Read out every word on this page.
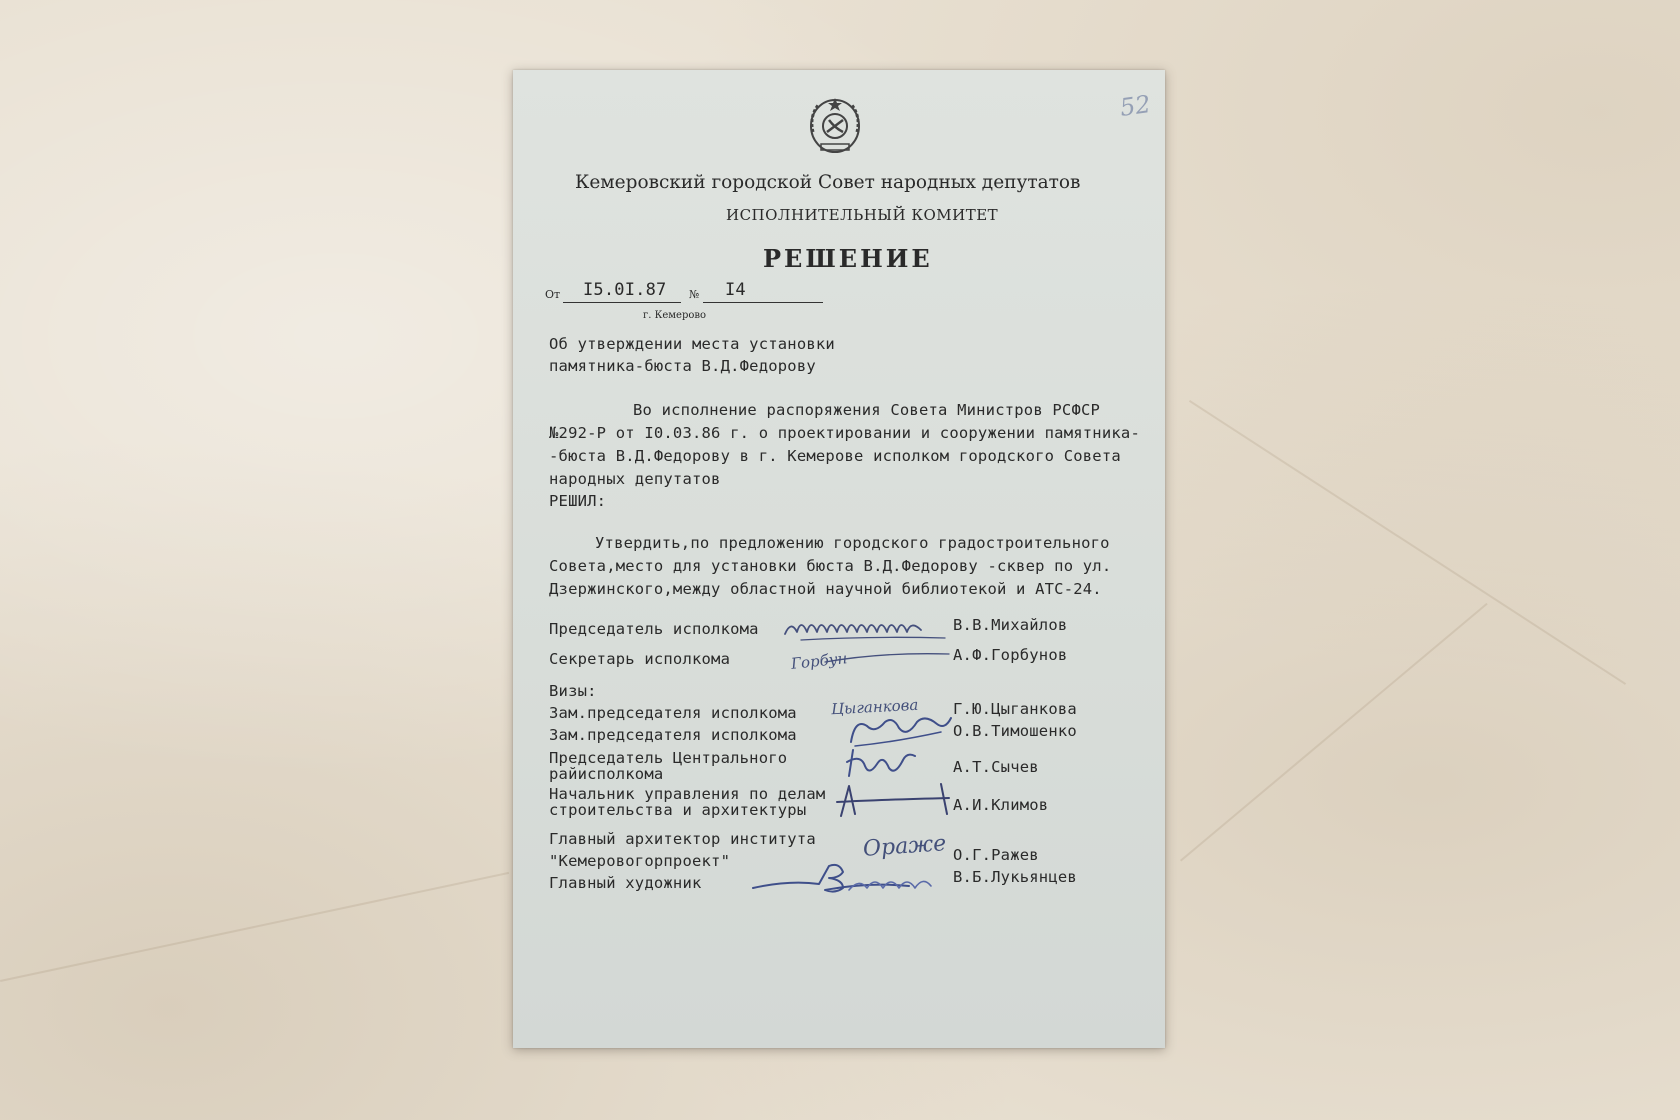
52
Кемеровский городской Совет народных депутатов
ИСПОЛНИТЕЛЬНЫЙ КОМИТЕТ
РЕШЕНИЕ
От I5.0I.87 № I4
г. Кемерово
Об утверждении места установки
памятника-бюста В.Д.Федорову
Во исполнение распоряжения Совета Министров РСФСР
№292-Р от I0.03.86 г. о проектировании и сооружении памятника-
-бюста В.Д.Федорову в г. Кемерове исполком городского Совета
народных депутатов
РЕШИЛ:
Утвердить,по предложению городского градостроительного
Совета,место для установки бюста В.Д.Федорову -сквер по ул.
Дзержинского,между областной научной библиотекой и АТС-24.
Председатель исполкома	В.В.Михайлов
Секретарь исполкома	А.Ф.Горбунов
Визы:
Зам.председателя исполкома	Г.Ю.Цыганкова
Зам.председателя исполкома	О.В.Тимошенко
Председатель Центрального
райисполкома	А.Т.Сычев
Начальник управления по делам
строительства и архитектуры	А.И.Климов
Главный архитектор института
"Кемеровогорпроект"	О.Г.Ражев
Главный художник	В.Б.Лукьянцев
Горбун
Цыганкова
Ораже
